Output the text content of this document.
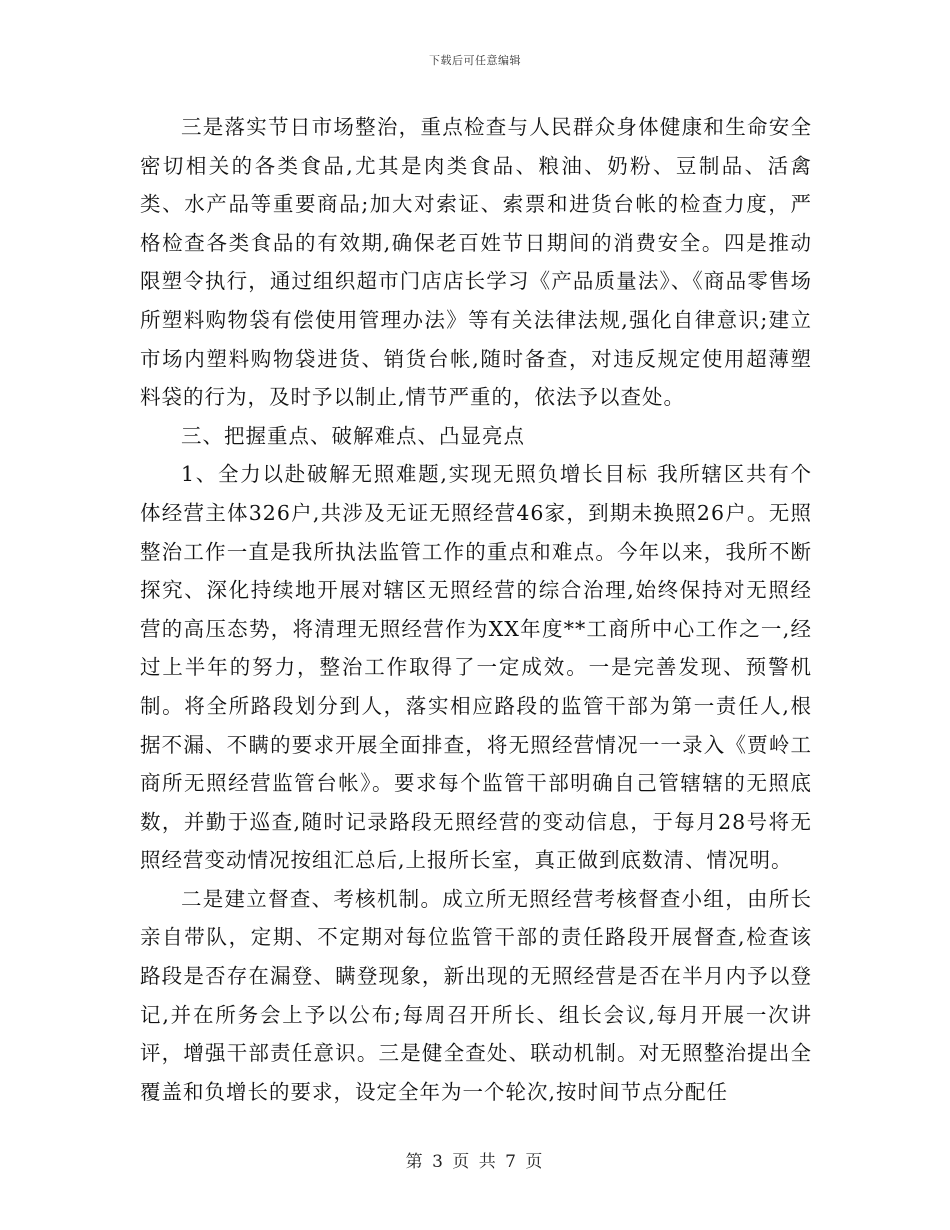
下载后可任意编辑

三是落实节日市场整治，重点检查与人民群众身体健康和生命安全密切相关的各类食品,尤其是肉类食品、粮油、奶粉、豆制品、活禽类、水产品等重要商品;加大对索证、索票和进货台帐的检查力度，严格检查各类食品的有效期,确保老百姓节日期间的消费安全。四是推动限塑令执行，通过组织超市门店店长学习《产品质量法》、《商品零售场所塑料购物袋有偿使用管理办法》等有关法律法规,强化自律意识;建立市场内塑料购物袋进货、销货台帐,随时备查，对违反规定使用超薄塑料袋的行为，及时予以制止,情节严重的，依法予以查处。

三、把握重点、破解难点、凸显亮点

1、全力以赴破解无照难题,实现无照负增长目标 我所辖区共有个体经营主体326户,共涉及无证无照经营46家，到期未换照26户。无照整治工作一直是我所执法监管工作的重点和难点。今年以来，我所不断探究、深化持续地开展对辖区无照经营的综合治理,始终保持对无照经营的高压态势，将清理无照经营作为XX年度**工商所中心工作之一,经过上半年的努力，整治工作取得了一定成效。一是完善发现、预警机制。将全所路段划分到人，落实相应路段的监管干部为第一责任人,根据不漏、不瞒的要求开展全面排查，将无照经营情况一一录入《贾岭工商所无照经营监管台帐》。要求每个监管干部明确自己管辖辖的无照底数，并勤于巡查,随时记录路段无照经营的变动信息，于每月28号将无照经营变动情况按组汇总后,上报所长室，真正做到底数清、情况明。

二是建立督查、考核机制。成立所无照经营考核督查小组，由所长亲自带队，定期、不定期对每位监管干部的责任路段开展督查,检查该路段是否存在漏登、瞒登现象，新出现的无照经营是否在半月内予以登记,并在所务会上予以公布;每周召开所长、组长会议,每月开展一次讲评，增强干部责任意识。三是健全查处、联动机制。对无照整治提出全覆盖和负增长的要求，设定全年为一个轮次,按时间节点分配任

第 3 页 共 7 页
